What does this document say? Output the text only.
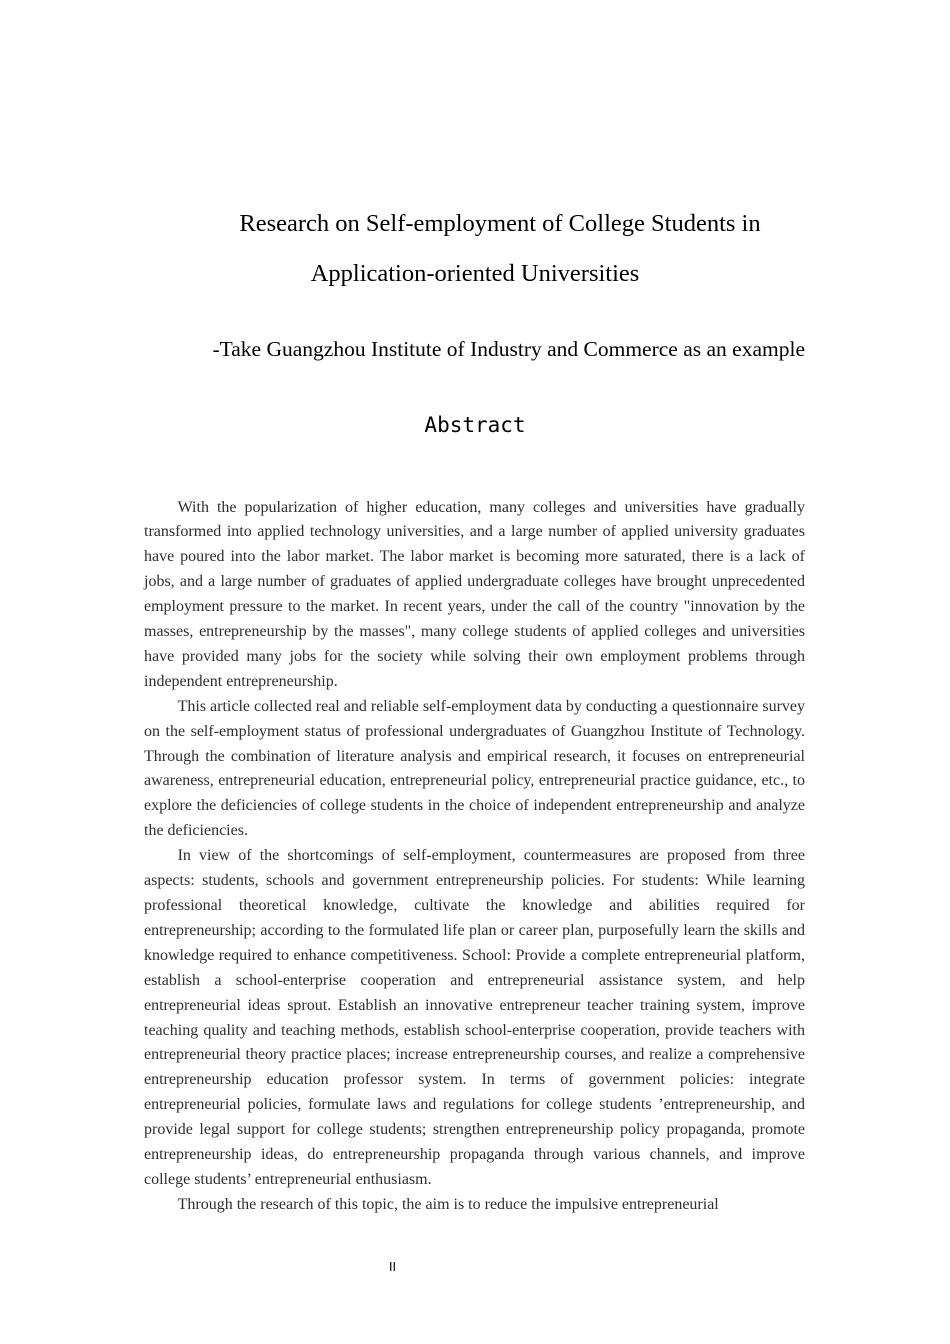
Research on Self-employment of College Students in
Application-oriented Universities
-Take Guangzhou Institute of Industry and Commerce as an example
Abstract

With the popularization of higher education, many colleges and universities have gradually transformed into applied technology universities, and a large number of applied university graduates have poured into the labor market. The labor market is becoming more saturated, there is a lack of jobs, and a large number of graduates of applied undergraduate colleges have brought unprecedented employment pressure to the market. In recent years, under the call of the country "innovation by the masses, entrepreneurship by the masses", many college students of applied colleges and universities have provided many jobs for the society while solving their own employment problems through independent entrepreneurship.

This article collected real and reliable self-employment data by conducting a questionnaire survey on the self-employment status of professional undergraduates of Guangzhou Institute of Technology. Through the combination of literature analysis and empirical research, it focuses on entrepreneurial awareness, entrepreneurial education, entrepreneurial policy, entrepreneurial practice guidance, etc., to explore the deficiencies of college students in the choice of independent entrepreneurship and analyze the deficiencies.

In view of the shortcomings of self-employment, countermeasures are proposed from three aspects: students, schools and government entrepreneurship policies. For students: While learning professional theoretical knowledge, cultivate the knowledge and abilities required for entrepreneurship; according to the formulated life plan or career plan, purposefully learn the skills and knowledge required to enhance competitiveness. School: Provide a complete entrepreneurial platform, establish a school-enterprise cooperation and entrepreneurial assistance system, and help entrepreneurial ideas sprout. Establish an innovative entrepreneur teacher training system, improve teaching quality and teaching methods, establish school-enterprise cooperation, provide teachers with entrepreneurial theory practice places; increase entrepreneurship courses, and realize a comprehensive entrepreneurship education professor system. In terms of government policies: integrate entrepreneurial policies, formulate laws and regulations for college students ’entrepreneurship, and provide legal support for college students; strengthen entrepreneurship policy propaganda, promote entrepreneurship ideas, do entrepreneurship propaganda through various channels, and improve college students’ entrepreneurial enthusiasm.

Through the research of this topic, the aim is to reduce the impulsive entrepreneurial

II
